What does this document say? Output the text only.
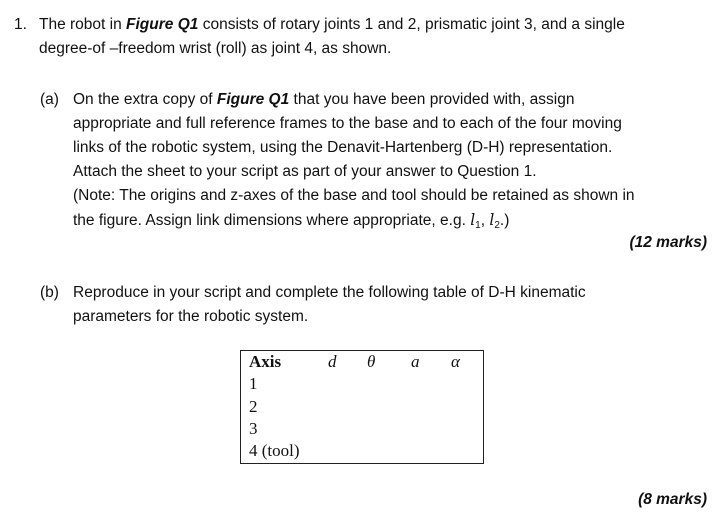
1. The robot in Figure Q1 consists of rotary joints 1 and 2, prismatic joint 3, and a single
degree-of –freedom wrist (roll) as joint 4, as shown.
(a) On the extra copy of Figure Q1 that you have been provided with, assign
appropriate and full reference frames to the base and to each of the four moving
links of the robotic system, using the Denavit-Hartenberg (D-H) representation.
Attach the sheet to your script as part of your answer to Question 1.
(Note: The origins and z-axes of the base and tool should be retained as shown in
the figure. Assign link dimensions where appropriate, e.g. $l_1$, $l_2$.)
(12 marks)
(b) Reproduce in your script and complete the following table of D-H kinematic
parameters for the robotic system.
Axis	d θ a α
1
2
3
4 (tool)
(8 marks)
